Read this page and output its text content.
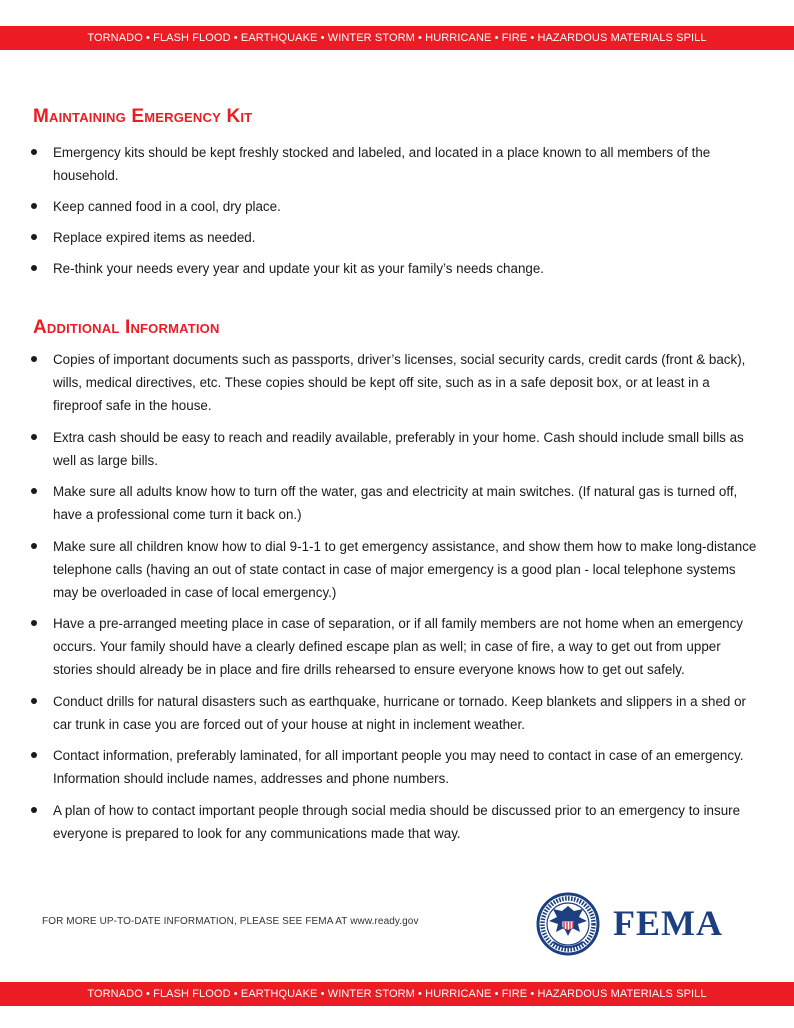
TORNADO • FLASH FLOOD • EARTHQUAKE • WINTER STORM • HURRICANE • FIRE • HAZARDOUS MATERIALS SPILL
Maintaining Emergency Kit
Emergency kits should be kept freshly stocked and labeled, and located in a place known to all members of the household.
Keep canned food in a cool, dry place.
Replace expired items as needed.
Re-think your needs every year and update your kit as your family’s needs change.
Additional Information
Copies of important documents such as passports, driver’s licenses, social security cards, credit cards (front & back), wills, medical directives, etc. These copies should be kept off site, such as in a safe deposit box, or at least in a fireproof safe in the house.
Extra cash should be easy to reach and readily available, preferably in your home. Cash should include small bills as well as large bills.
Make sure all adults know how to turn off the water, gas and electricity at main switches. (If natural gas is turned off, have a professional come turn it back on.)
Make sure all children know how to dial 9-1-1 to get emergency assistance, and show them how to make long-distance telephone calls (having an out of state contact in case of major emergency is a good plan - local telephone systems may be overloaded in case of local emergency.)
Have a pre-arranged meeting place in case of separation, or if all family members are not home when an emergency occurs. Your family should have a clearly defined escape plan as well; in case of fire, a way to get out from upper stories should already be in place and fire drills rehearsed to ensure everyone knows how to get out safely.
Conduct drills for natural disasters such as earthquake, hurricane or tornado. Keep blankets and slippers in a shed or car trunk in case you are forced out of your house at night in inclement weather.
Contact information, preferably laminated, for all important people you may need to contact in case of an emergency. Information should include names, addresses and phone numbers.
A plan of how to contact important people through social media should be discussed prior to an emergency to insure everyone is prepared to look for any communications made that way.
FOR MORE UP-TO-DATE INFORMATION, PLEASE SEE FEMA AT www.ready.gov	FEMA
TORNADO • FLASH FLOOD • EARTHQUAKE • WINTER STORM • HURRICANE • FIRE • HAZARDOUS MATERIALS SPILL
